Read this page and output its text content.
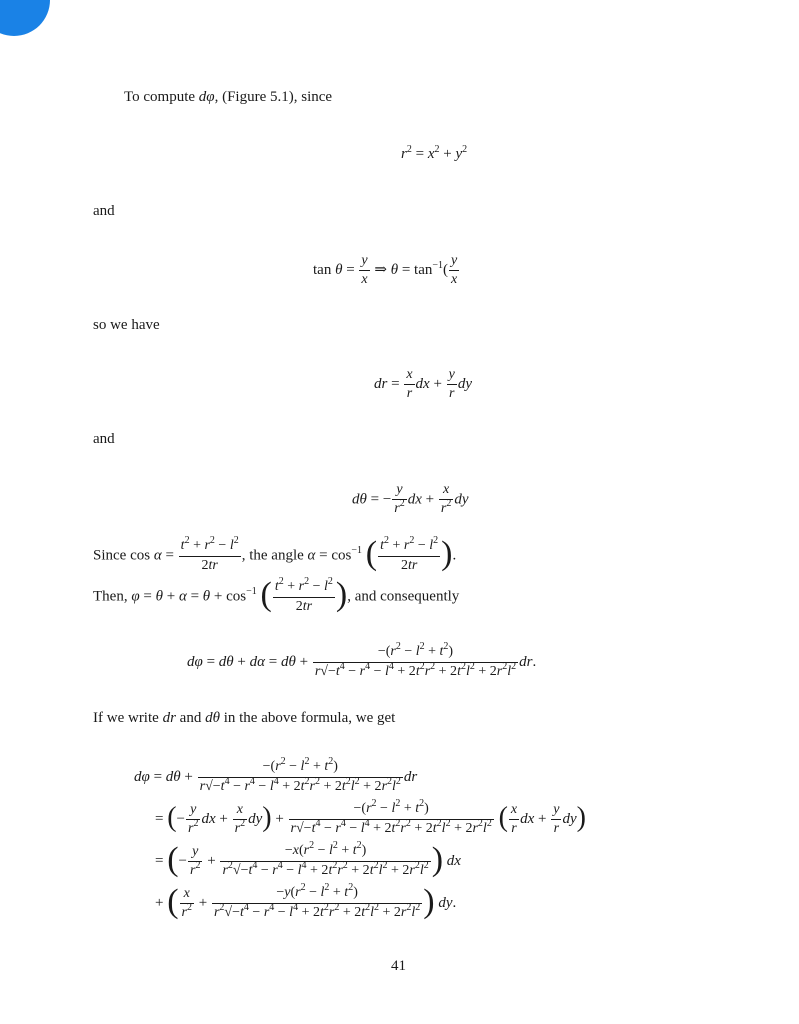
To compute dφ, (Figure 5.1), since
$r^2 = x^2 + y^2$
and
$\tan \theta = \frac{y}{x}$ ⇒ $\theta = \tan^{-1}( \frac{y}{x}$
so we have
dr = $\frac{x}{r}$ dx + $\frac{y}{r}$ dy
and
dθ = − $\frac{y}{r^2}$ dx + $\frac{x}{r^2}$ dy
Since $\cos \alpha = \frac{t^2 + r^2 - l^2}{2tr}$ , the angle $\alpha = \cos^{-1}$ ( $\frac{t^2 + r^2 - l^2}{2tr}$ ).
Then, $\varphi = \theta + \alpha = \theta + \cos^{-1}$ ( $\frac{t^2 + r^2 - l^2}{2tr}$ ), and consequently
$d\varphi = d\theta + d\alpha = d\theta + \frac{-(r^2 - l^2 + t^2)}{r√-t^4 - r^4 - l^4 + 2t^2r^2 + 2t^2l^2 + 2r^2l^2}$ dr.
If we write dr and dθ in the above formula, we get
$d\varphi = d\theta + \frac{-(r^2 - l^2 + t^2)}{r√-t^4 - r^4 - l^4 + 2t^2r^2 + 2t^2l^2 + 2r^2l^2}$ dr
= (− $\frac{y}{r^2}$ dx + $\frac{x}{r^2} dy) + \frac{-(r^2 - l^2 + t^2)}{r√-t^4 - r^4 - l^4 + 2t^2r^2 + 2t^2l^2 + 2r^2l^2}$ ( $\frac{x}{r}$ dx + $\frac{y}{r} dy$)
= (− $\frac{y}{r^2} + \frac{-x(r^2 - l^2 + t^2)}{r^2√-t^4 - r^4 - l^4 + 2t^2r^2 + 2t^2l^2 + 2r^2l^2}$ ) dx
+ ( $\frac{x}{r^2} + \frac{-y(r^2 - l^2 + t^2)}{r^2√-t^4 - r^4 - l^4 + 2t^2r^2 + 2t^2l^2 + 2r^2l^2}$ ) dy.
41
